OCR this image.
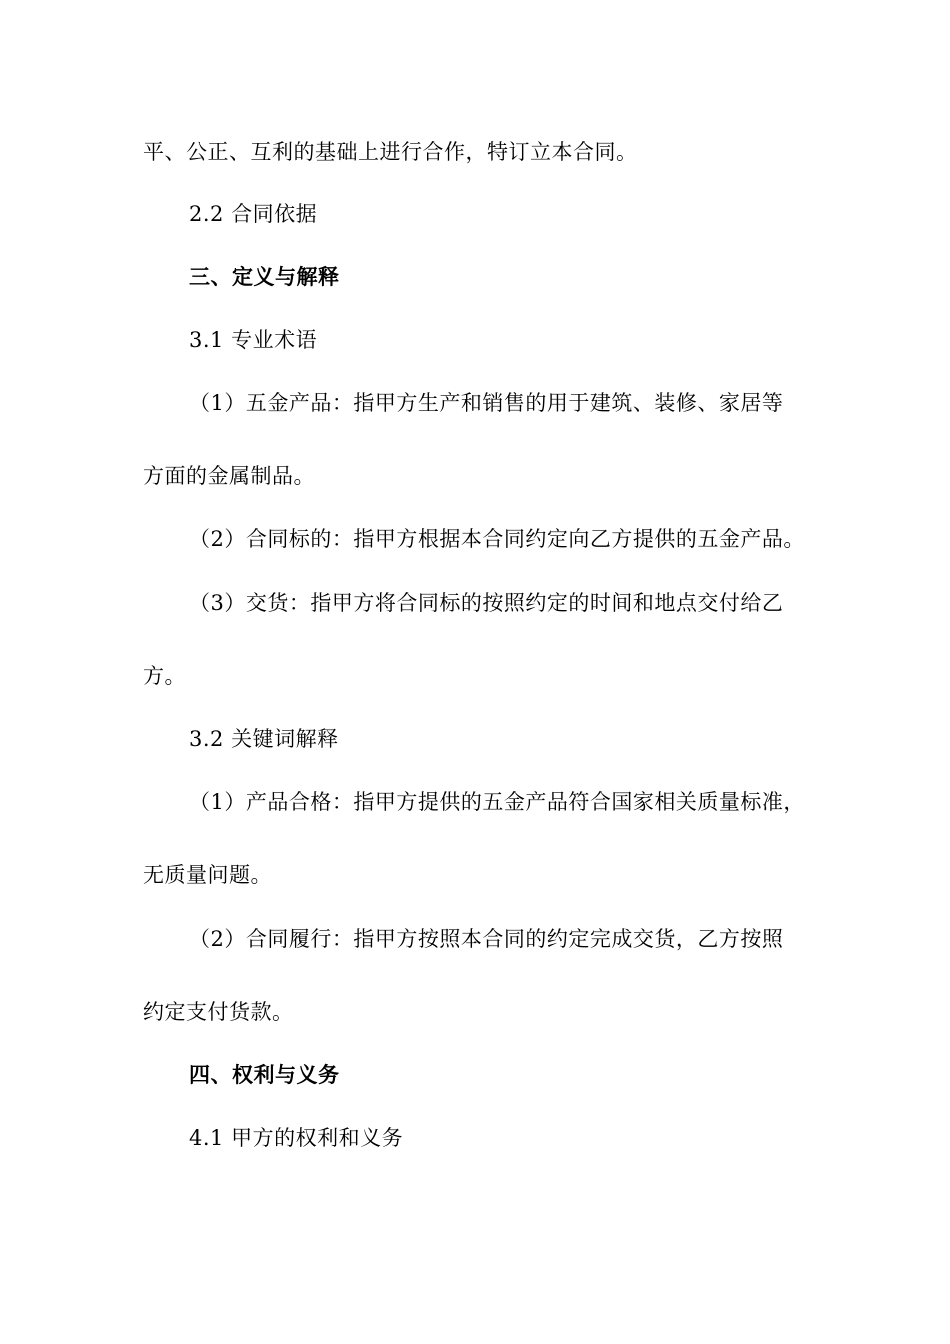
平、公正、互利的基础上进行合作，特订立本合同。
2.2 合同依据
三、定义与解释
3.1 专业术语
（1）五金产品：指甲方生产和销售的用于建筑、装修、家居等
方面的金属制品。
（2）合同标的：指甲方根据本合同约定向乙方提供的五金产品。
（3）交货：指甲方将合同标的按照约定的时间和地点交付给乙
方。
3.2 关键词解释
（1）产品合格：指甲方提供的五金产品符合国家相关质量标准，
无质量问题。
（2）合同履行：指甲方按照本合同的约定完成交货，乙方按照
约定支付货款。
四、权利与义务
4.1 甲方的权利和义务
